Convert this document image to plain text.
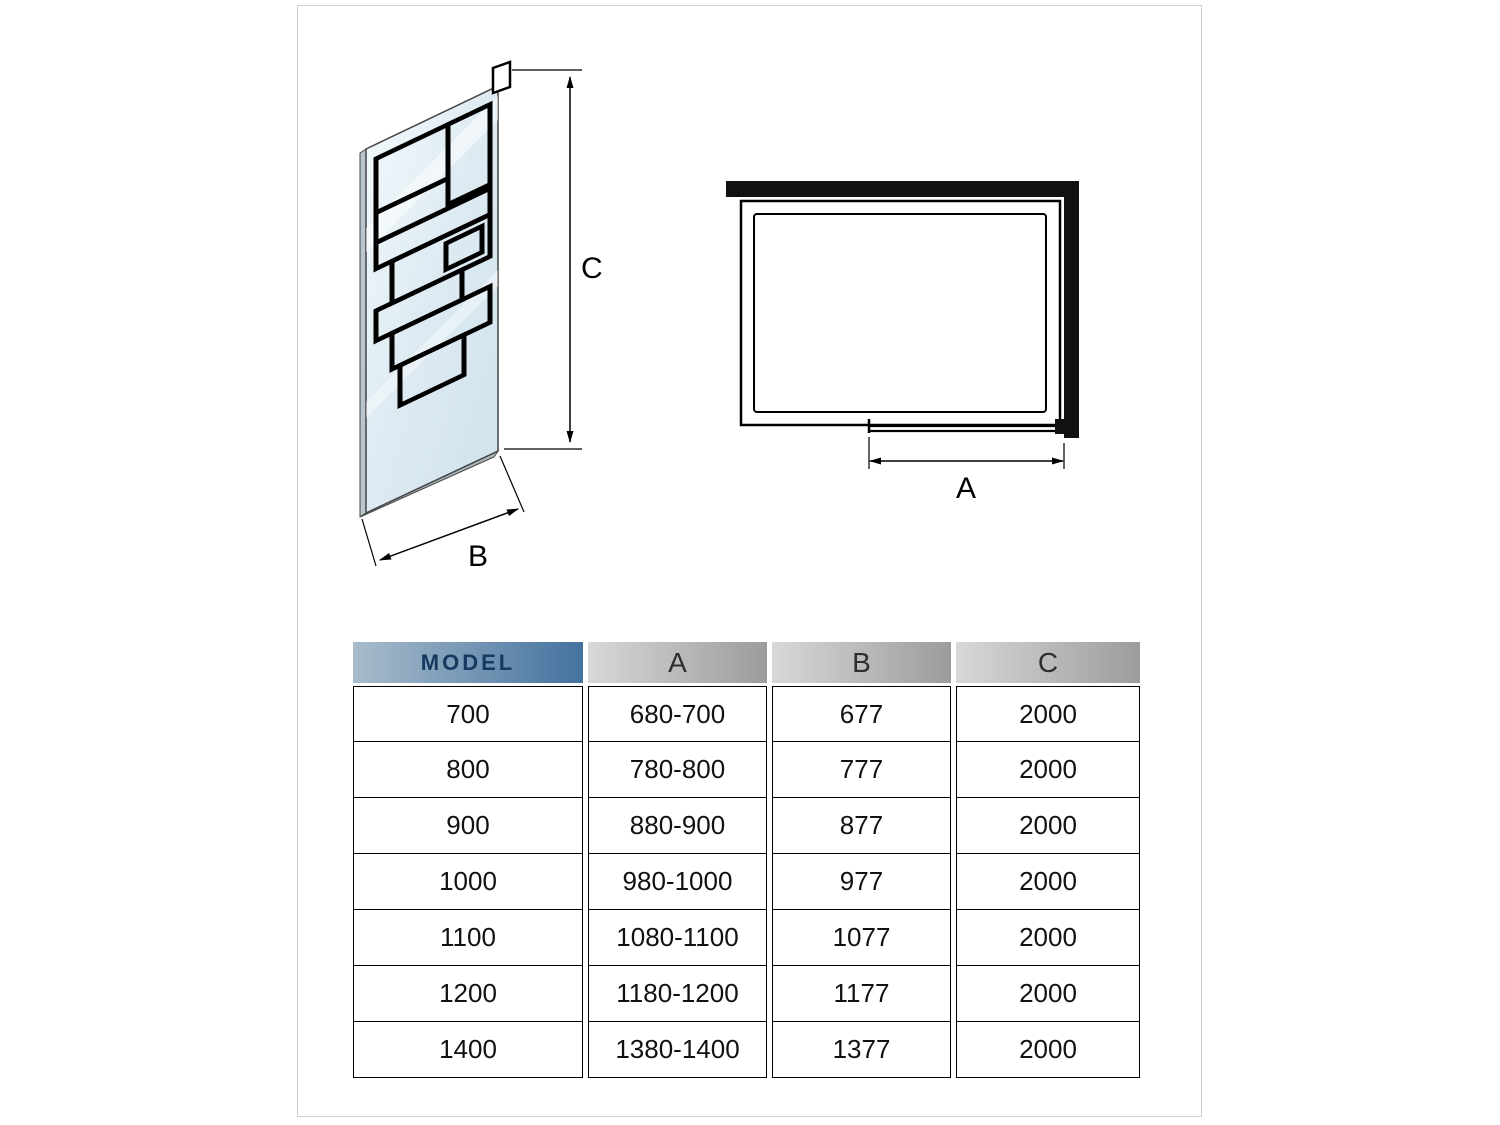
C
B
A
MODEL
700
800
900
1000
1100
1200
1400
A
680-700
780-800
880-900
980-1000
1080-1100
1180-1200
1380-1400
B
677
777
877
977
1077
1177
1377
C
2000
2000
2000
2000
2000
2000
2000
